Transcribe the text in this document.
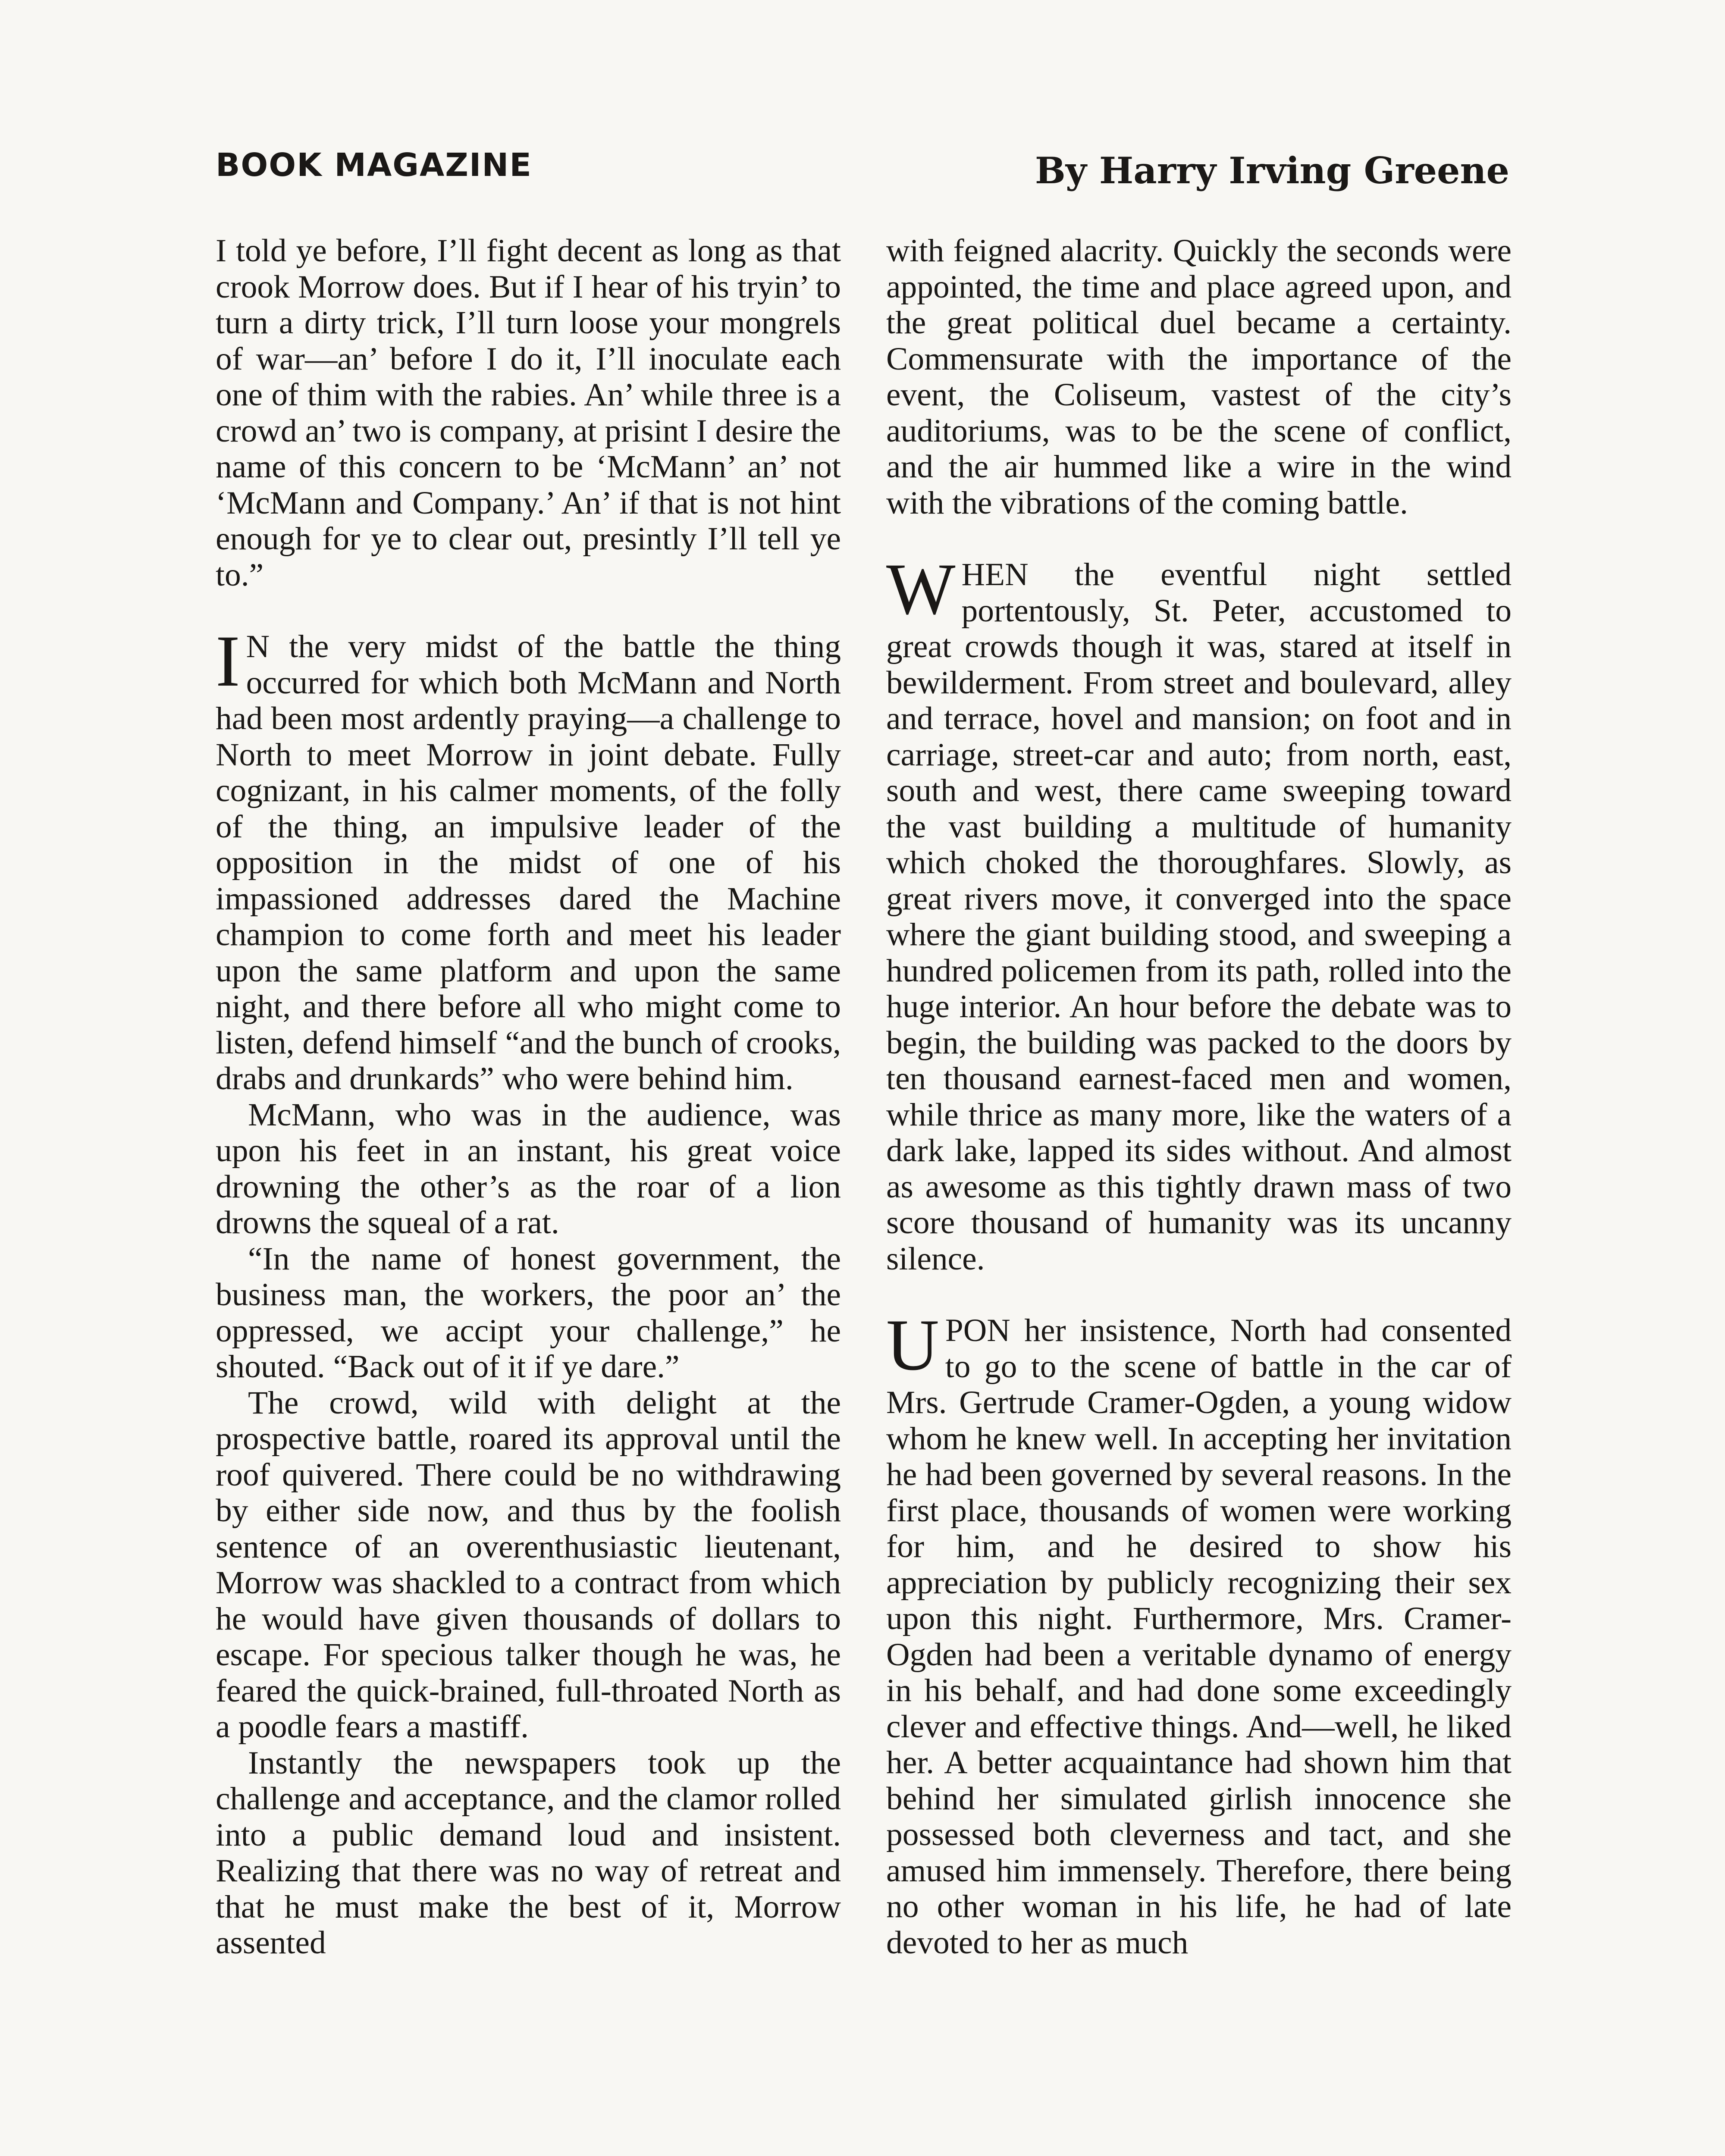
BOOK MAGAZINE	By Harry Irving Greene

I told ye before, I’ll fight decent as long as that crook Morrow does. But if I hear of his tryin’ to turn a dirty trick, I’ll turn loose your mongrels of war—an’ before I do it, I’ll inoculate each one of thim with the rabies. An’ while three is a crowd an’ two is company, at prisint I desire the name of this concern to be ‘McMann’ an’ not ‘McMann and Company.’ An’ if that is not hint enough for ye to clear out, presintly I’ll tell ye to.”

I N the very midst of the battle the thing occurred for which both McMann and North had been most ardently praying—a challenge to North to meet Morrow in joint debate. Fully cognizant, in his calmer moments, of the folly of the thing, an impulsive leader of the opposition in the midst of one of his impassioned addresses dared the Machine champion to come forth and meet his leader upon the same platform and upon the same night, and there before all who might come to listen, defend himself “and the bunch of crooks, drabs and drunkards” who were behind him.

McMann, who was in the audience, was upon his feet in an instant, his great voice drowning the other’s as the roar of a lion drowns the squeal of a rat.

“In the name of honest government, the business man, the workers, the poor an’ the oppressed, we accipt your challenge,” he shouted. “Back out of it if ye dare.”

The crowd, wild with delight at the prospective battle, roared its approval until the roof quivered. There could be no withdrawing by either side now, and thus by the foolish sentence of an overenthusiastic lieutenant, Morrow was shackled to a contract from which he would have given thousands of dollars to escape. For specious talker though he was, he feared the quick-brained, full-throated North as a poodle fears a mastiff.

Instantly the newspapers took up the challenge and acceptance, and the clamor rolled into a public demand loud and insistent. Realizing that there was no way of retreat and that he must make the best of it, Morrow assented

with feigned alacrity. Quickly the seconds were appointed, the time and place agreed upon, and the great political duel became a certainty. Commensurate with the importance of the event, the Coliseum, vastest of the city’s auditoriums, was to be the scene of conflict, and the air hummed like a wire in the wind with the vibrations of the coming battle.

WHEN the eventful night settled portentously, St. Peter, accustomed to great crowds though it was, stared at itself in bewilderment. From street and boulevard, alley and terrace, hovel and mansion; on foot and in carriage, street-car and auto; from north, east, south and west, there came sweeping toward the vast building a multitude of humanity which choked the thoroughfares. Slowly, as great rivers move, it converged into the space where the giant building stood, and sweeping a hundred policemen from its path, rolled into the huge interior. An hour before the debate was to begin, the building was packed to the doors by ten thousand earnest-faced men and women, while thrice as many more, like the waters of a dark lake, lapped its sides without. And almost as awesome as this tightly drawn mass of two score thousand of humanity was its uncanny silence.

UPON her insistence, North had consented to go to the scene of battle in the car of Mrs. Gertrude Cramer-Ogden, a young widow whom he knew well. In accepting her invitation he had been governed by several reasons. In the first place, thousands of women were working for him, and he desired to show his appreciation by publicly recognizing their sex upon this night. Furthermore, Mrs. Cramer-Ogden had been a veritable dynamo of energy in his behalf, and had done some exceedingly clever and effective things. And—well, he liked her. A better acquaintance had shown him that behind her simulated girlish innocence she possessed both cleverness and tact, and she amused him immensely. Therefore, there being no other woman in his life, he had of late devoted to her as much
